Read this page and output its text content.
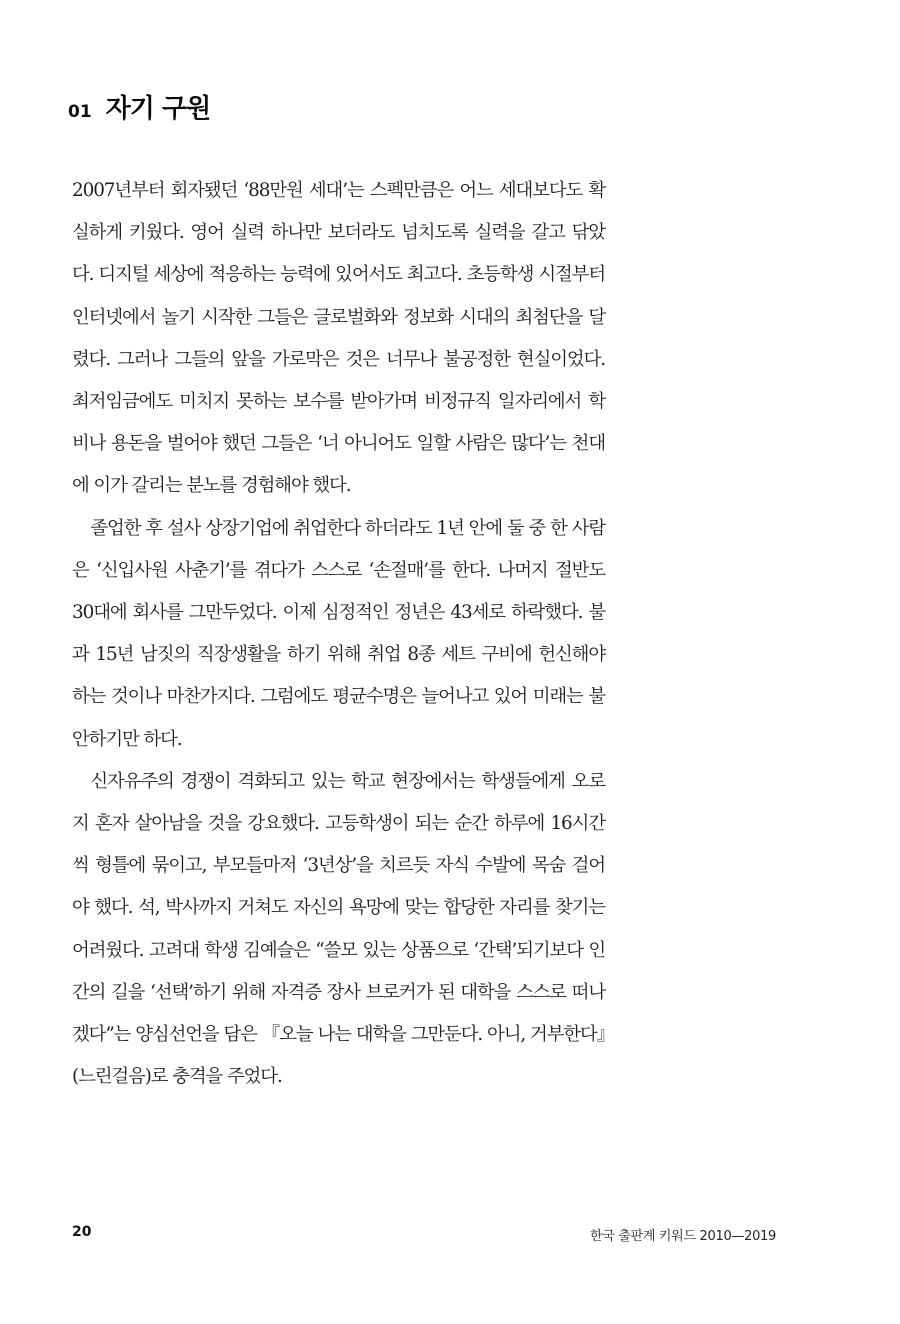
01 자기 구원

2007년부터 회자됐던 ‘88만원 세대’는 스펙만큼은 어느 세대보다도 확실하게 키웠다. 영어 실력 하나만 보더라도 넘치도록 실력을 갈고 닦았다. 디지털 세상에 적응하는 능력에 있어서도 최고다. 초등학생 시절부터 인터넷에서 놀기 시작한 그들은 글로벌화와 정보화 시대의 최첨단을 달렸다. 그러나 그들의 앞을 가로막은 것은 너무나 불공정한 현실이었다. 최저임금에도 미치지 못하는 보수를 받아가며 비정규직 일자리에서 학비나 용돈을 벌어야 했던 그들은 ‘너 아니어도 일할 사람은 많다’는 천대에 이가 갈리는 분노를 경험해야 했다.

졸업한 후 설사 상장기업에 취업한다 하더라도 1년 안에 둘 중 한 사람은 ‘신입사원 사춘기’를 겪다가 스스로 ‘손절매’를 한다. 나머지 절반도 30대에 회사를 그만두었다. 이제 심정적인 정년은 43세로 하락했다. 불과 15년 남짓의 직장생활을 하기 위해 취업 8종 세트 구비에 헌신해야 하는 것이나 마찬가지다. 그럼에도 평균수명은 늘어나고 있어 미래는 불안하기만 하다.

신자유주의 경쟁이 격화되고 있는 학교 현장에서는 학생들에게 오로지 혼자 살아남을 것을 강요했다. 고등학생이 되는 순간 하루에 16시간씩 형틀에 묶이고, 부모들마저 ‘3년상’을 치르듯 자식 수발에 목숨 걸어야 했다. 석, 박사까지 거쳐도 자신의 욕망에 맞는 합당한 자리를 찾기는 어려웠다. 고려대 학생 김예슬은 “쓸모 있는 상품으로 ‘간택’되기보다 인간의 길을 ‘선택’하기 위해 자격증 장사 브로커가 된 대학을 스스로 떠나겠다”는 양심선언을 담은 『오늘 나는 대학을 그만둔다. 아니, 거부한다』(느린걸음)로 충격을 주었다.

20	한국 출판계 키워드 2010—2019
